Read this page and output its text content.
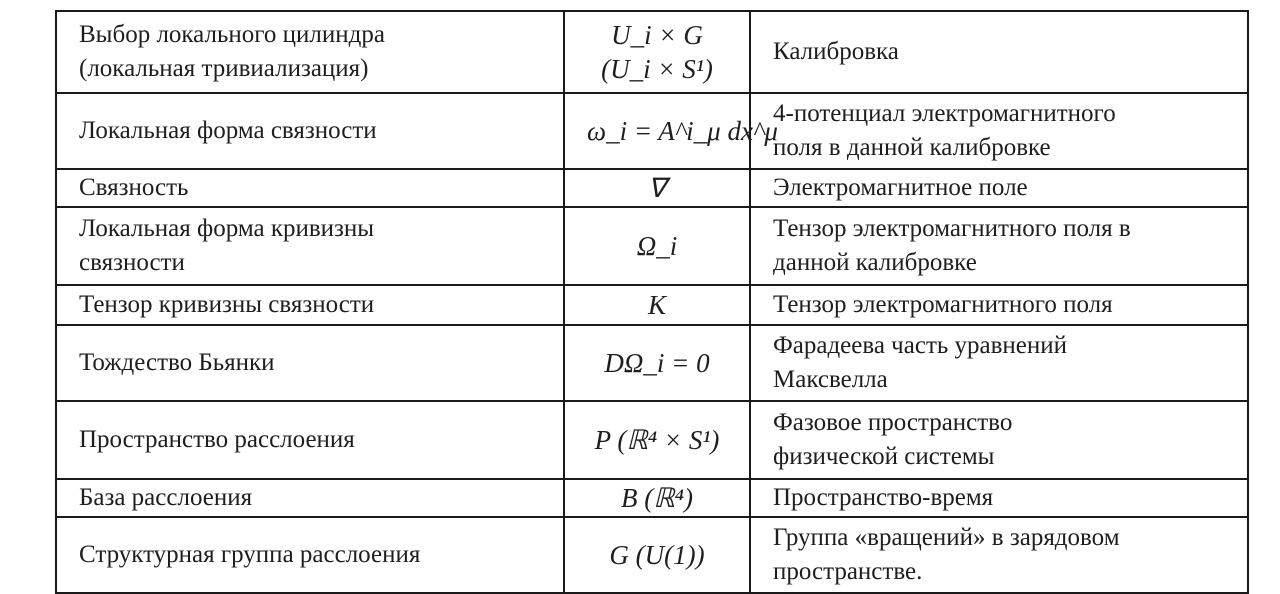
Выбор локального цилиндра
(локальная тривиализация)	U_i × G
(U_i × S¹)	Калибровка

Локальная форма связности	ω_i = A^i_μ dx^μ	4-потенциал электромагнитного
поля в данной калибровке

Связность	∇	Электромагнитное поле

Локальная форма кривизны
связности	Ω_i	Тензор электромагнитного поля в
данной калибровке

Тензор кривизны связности	K	Тензор электромагнитного поля

Тождество Бьянки	DΩ_i = 0	Фарадеева часть уравнений
Максвелла

Пространство расслоения	P (ℝ⁴ × S¹)	Фазовое пространство
физической системы

База расслоения	B (ℝ⁴)	Пространство-время

Структурная группа расслоения	G (U(1))	Группа «вращений» в зарядовом
пространстве.
